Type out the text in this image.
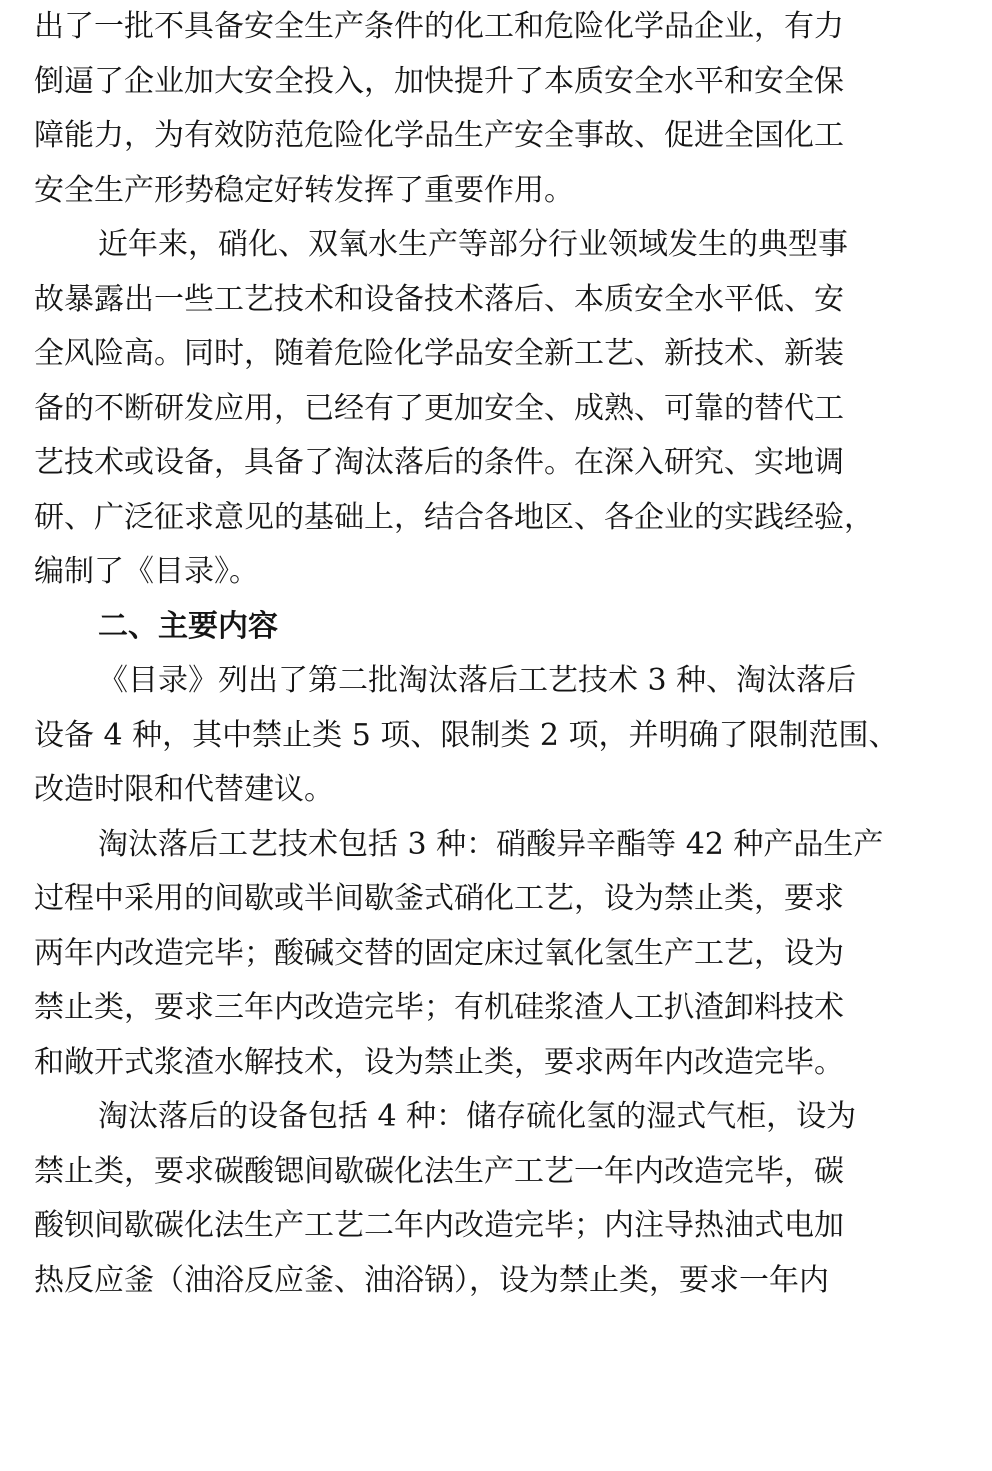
出了一批不具备安全生产条件的化工和危险化学品企业，有力
倒逼了企业加大安全投入，加快提升了本质安全水平和安全保
障能力，为有效防范危险化学品生产安全事故、促进全国化工
安全生产形势稳定好转发挥了重要作用。
近年来，硝化、双氧水生产等部分行业领域发生的典型事
故暴露出一些工艺技术和设备技术落后、本质安全水平低、安
全风险高。同时，随着危险化学品安全新工艺、新技术、新装
备的不断研发应用，已经有了更加安全、成熟、可靠的替代工
艺技术或设备，具备了淘汰落后的条件。在深入研究、实地调
研、广泛征求意见的基础上，结合各地区、各企业的实践经验，
编制了《目录》。
二、主要内容
《目录》列出了第二批淘汰落后工艺技术 3 种、淘汰落后
设备 4 种，其中禁止类 5 项、限制类 2 项，并明确了限制范围、
改造时限和代替建议。
淘汰落后工艺技术包括 3 种：硝酸异辛酯等 42 种产品生产
过程中采用的间歇或半间歇釜式硝化工艺，设为禁止类，要求
两年内改造完毕；酸碱交替的固定床过氧化氢生产工艺，设为
禁止类，要求三年内改造完毕；有机硅浆渣人工扒渣卸料技术
和敞开式浆渣水解技术，设为禁止类，要求两年内改造完毕。
淘汰落后的设备包括 4 种：储存硫化氢的湿式气柜，设为
禁止类，要求碳酸锶间歇碳化法生产工艺一年内改造完毕，碳
酸钡间歇碳化法生产工艺二年内改造完毕；内注导热油式电加
热反应釜（油浴反应釜、油浴锅），设为禁止类，要求一年内
